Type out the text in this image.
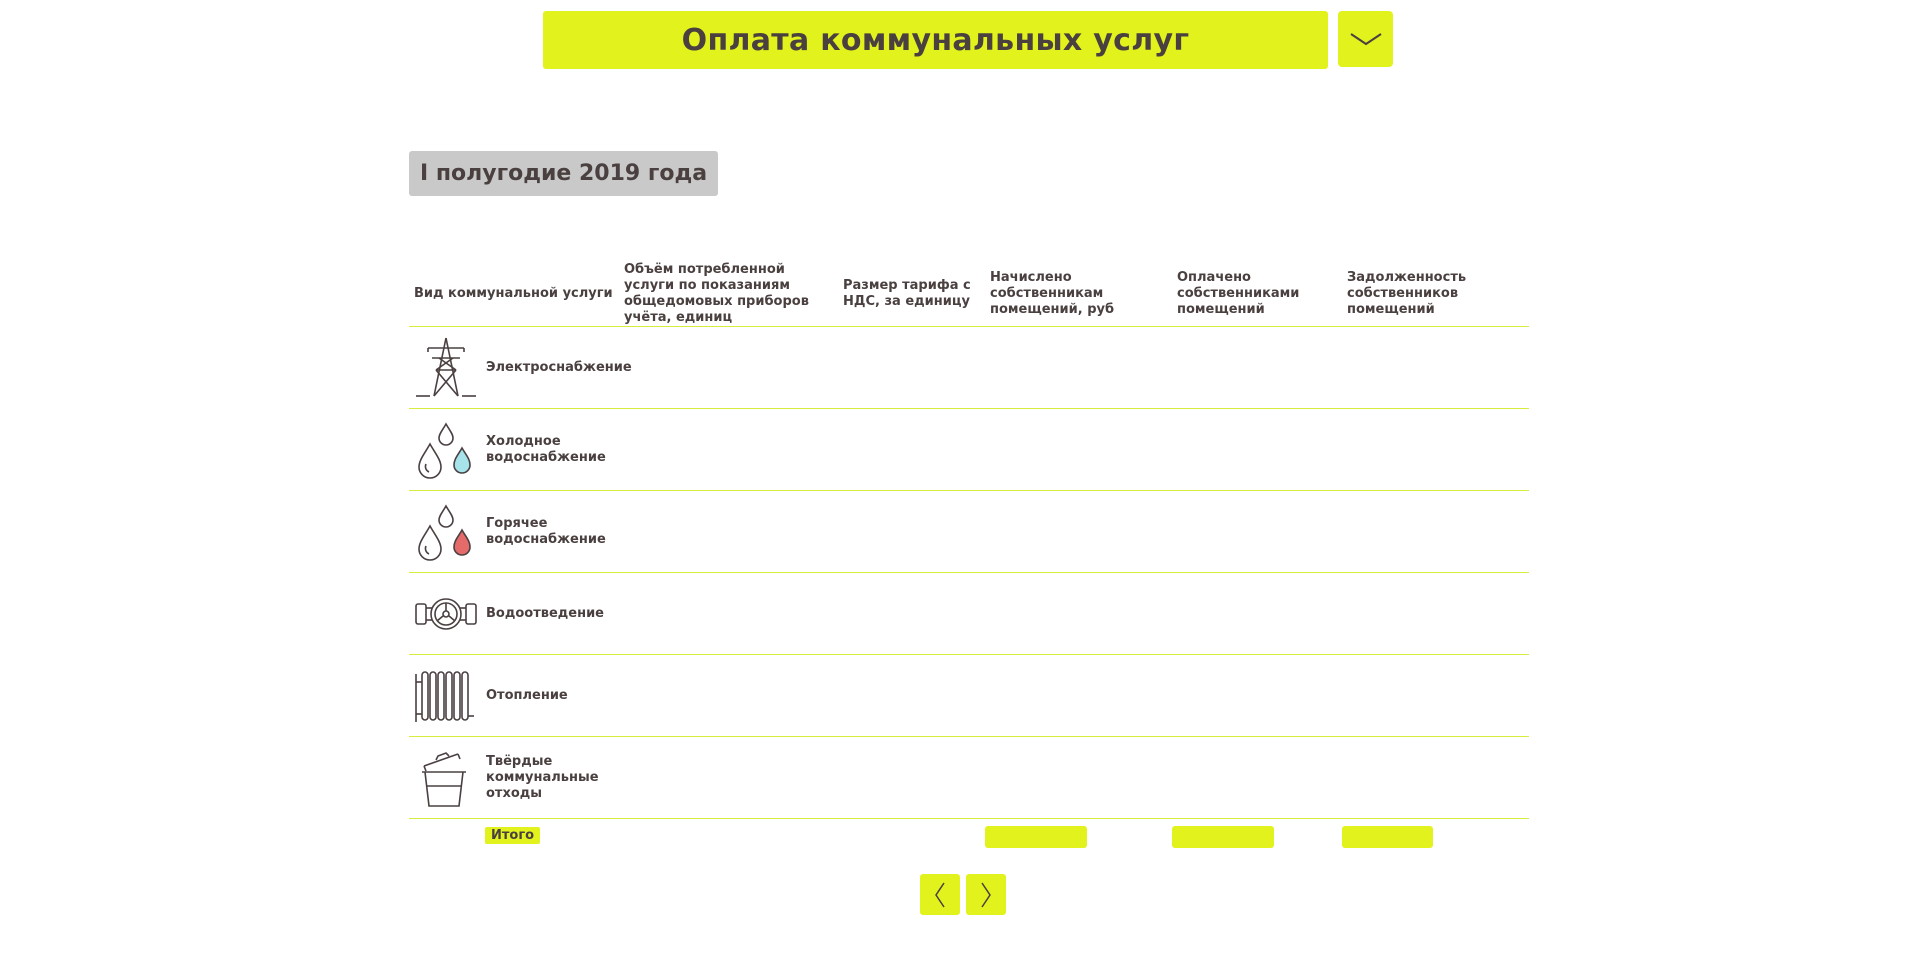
Оплата коммунальных услуг
I полугодие 2019 года
Вид коммунальной услуги
Объём потребленной услуги по показаниям общедомовых приборов учёта, единиц
Размер тарифа с НДС, за единицу
Начислено собственникам помещений, руб
Оплачено собственниками помещений
Задолженность собственников помещений
Электроснабжение
Холодное водоснабжение
Горячее водоснабжение
Водоотведение
Отопление
Твёрдые коммунальные отходы
Итого
